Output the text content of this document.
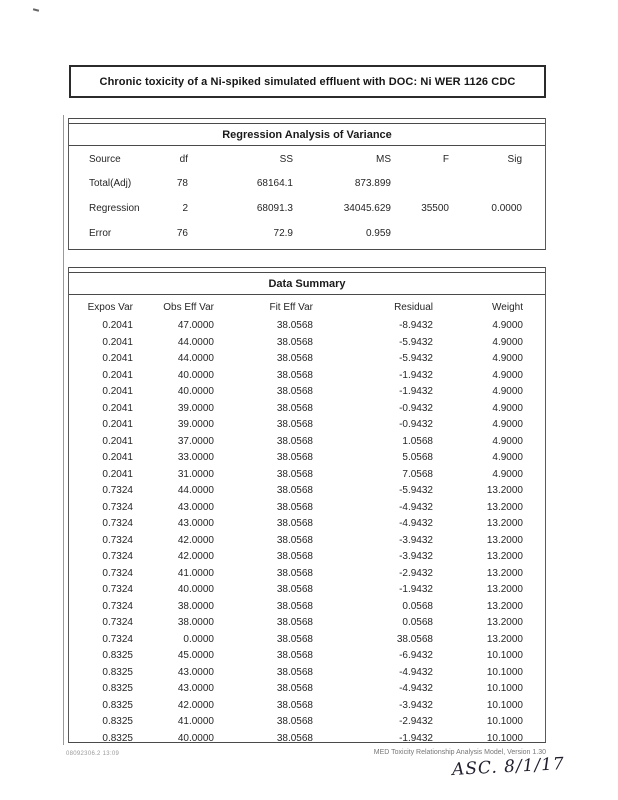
Chronic toxicity of a Ni-spiked simulated effluent with DOC: Ni WER 1126 CDC
Regression Analysis of Variance
Source	df	SS	MS	F	Sig
Total(Adj)	78	68164.1	873.899		
Regression	2	68091.3	34045.629	35500	0.0000
Error	76	72.9	0.959		
Data Summary
Expos Var	Obs Eff Var	Fit Eff Var	Residual	Weight
0.2041	47.0000	38.0568	-8.9432	4.9000
0.2041	44.0000	38.0568	-5.9432	4.9000
0.2041	44.0000	38.0568	-5.9432	4.9000
0.2041	40.0000	38.0568	-1.9432	4.9000
0.2041	40.0000	38.0568	-1.9432	4.9000
0.2041	39.0000	38.0568	-0.9432	4.9000
0.2041	39.0000	38.0568	-0.9432	4.9000
0.2041	37.0000	38.0568	1.0568	4.9000
0.2041	33.0000	38.0568	5.0568	4.9000
0.2041	31.0000	38.0568	7.0568	4.9000
0.7324	44.0000	38.0568	-5.9432	13.2000
0.7324	43.0000	38.0568	-4.9432	13.2000
0.7324	43.0000	38.0568	-4.9432	13.2000
0.7324	42.0000	38.0568	-3.9432	13.2000
0.7324	42.0000	38.0568	-3.9432	13.2000
0.7324	41.0000	38.0568	-2.9432	13.2000
0.7324	40.0000	38.0568	-1.9432	13.2000
0.7324	38.0000	38.0568	0.0568	13.2000
0.7324	38.0000	38.0568	0.0568	13.2000
0.7324	0.0000	38.0568	38.0568	13.2000
0.8325	45.0000	38.0568	-6.9432	10.1000
0.8325	43.0000	38.0568	-4.9432	10.1000
0.8325	43.0000	38.0568	-4.9432	10.1000
0.8325	42.0000	38.0568	-3.9432	10.1000
0.8325	41.0000	38.0568	-2.9432	10.1000
0.8325	40.0000	38.0568	-1.9432	10.1000
08092306.2 13:09	MED Toxicity Relationship Analysis Model, Version 1.30
ASC. 8/1/17
